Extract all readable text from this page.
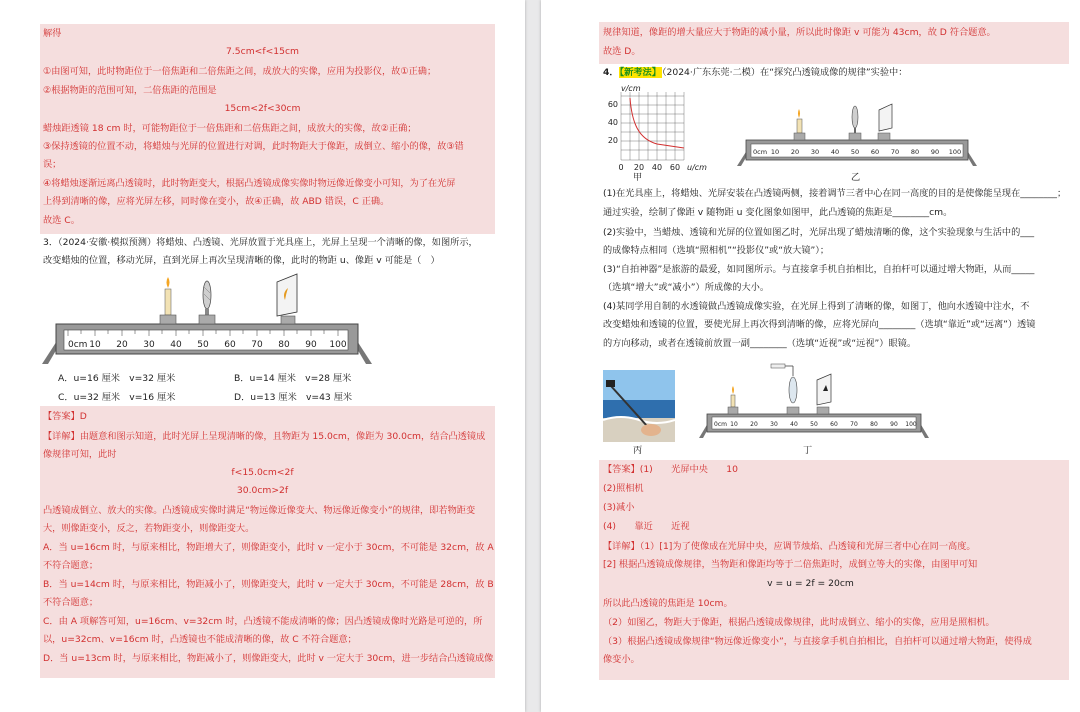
解得
7.5cm<f<15cm
①由图可知，此时物距位于一倍焦距和二倍焦距之间，成放大的实像，应用为投影仪，故①正确；
②根据物距的范围可知，二倍焦距的范围是
15cm<2f<30cm
蜡烛距透镜 18 cm 时，可能物距位于一倍焦距和二倍焦距之间，成放大的实像，故②正确；
③保持透镜的位置不动，将蜡烛与光屏的位置进行对调，此时物距大于像距，成倒立、缩小的像，故③错
误；
④将蜡烛逐渐远离凸透镜时，此时物距变大，根据凸透镜成像实像时物远像近像变小可知，为了在光屏
上得到清晰的像，应将光屏左移，同时像在变小，故④正确，故 ABD 错误，C 正确。
故选 C。
3．（2024·安徽·模拟预测）将蜡烛、凸透镜、光屏放置于光具座上，光屏上呈现一个清晰的像，如图所示，
改变蜡烛的位置，移动光屏，直到光屏上再次呈现清晰的像，此时的物距 u、像距 v 可能是（　）
0cm 10 20 30 40 50 60 70 80 90 100
A．u=16 厘米　v=32 厘米	B．u=14 厘米　v=28 厘米
C．u=32 厘米　v=16 厘米	D．u=13 厘米　v=43 厘米
【答案】D
【详解】由题意和图示知道，此时光屏上呈现清晰的像，且物距为 15.0cm，像距为 30.0cm，结合凸透镜成
像规律可知，此时
f<15.0cm<2f
30.0cm>2f
凸透镜成倒立、放大的实像。凸透镜成实像时满足“物远像近像变大、物远像近像变小”的规律，即若物距变
大，则像距变小，反之，若物距变小，则像距变大。
A．当 u=16cm 时，与原来相比，物距增大了，则像距变小，此时 v 一定小于 30cm，不可能是 32cm，故 A
不符合题意；
B．当 u=14cm 时，与原来相比，物距减小了，则像距变大，此时 v 一定大于 30cm，不可能是 28cm，故 B
不符合题意；
C．由 A 项解答可知，u=16cm、v=32cm 时，凸透镜不能成清晰的像；因凸透镜成像时光路是可逆的，所
以，u=32cm、v=16cm 时，凸透镜也不能成清晰的像，故 C 不符合题意；
D．当 u=13cm 时，与原来相比，物距减小了，则像距变大，此时 v 一定大于 30cm，进一步结合凸透镜成像
规律知道，像距的增大量应大于物距的减小量，所以此时像距 v 可能为 43cm，故 D 符合题意。
故选 D。
4．【新考法】（2024·广东东莞·二模）在“探究凸透镜成像的规律”实验中：
v/cm
60
40
20
0 20 40 60 u/cm
甲
0cm 10 20 30 40 50 60 70 80 90 100
乙
(1)在光具座上，将蜡烛、光屏安装在凸透镜两侧，接着调节三者中心在同一高度的目的是使像能呈现在________；
通过实验，绘制了像距 v 随物距 u 变化图象如图甲，此凸透镜的焦距是________cm。
(2)实验中，当蜡烛、透镜和光屏的位置如图乙时，光屏出现了蜡烛清晰的像，这个实验现象与生活中的___
的成像特点相同（选填“照相机”“投影仪”或“放大镜”）；
(3)“自拍神器”是旅游的最爱，如同图所示。与直接拿手机自拍相比，自拍杆可以通过增大物距，从而_____
（选填“增大”或“减小”）所成像的大小。
(4)某同学用自制的水透镜做凸透镜成像实验，在光屏上得到了清晰的像，如图丁，他向水透镜中注水，不
改变蜡烛和透镜的位置，要使光屏上再次得到清晰的像，应将光屏向________（选填“靠近”或“远离”）透镜
的方向移动，或者在透镜前放置一副________（选填“近视”或“远视”）眼镜。
丙
0cm 10 20 30 40 50 60 70 80 90 100
丁
【答案】(1)　　光屏中央　　10
(2)照相机
(3)减小
(4)　　靠近　　近视
【详解】（1）[1]为了使像成在光屏中央，应调节烛焰、凸透镜和光屏三者中心在同一高度。
[2] 根据凸透镜成像规律，当物距和像距均等于二倍焦距时，成倒立等大的实像，由图甲可知
v = u = 2f = 20cm
所以此凸透镜的焦距是 10cm。
（2）如图乙，物距大于像距，根据凸透镜成像规律，此时成倒立、缩小的实像，应用是照相机。
（3）根据凸透镜成像规律“物远像近像变小”，与直接拿手机自拍相比，自拍杆可以通过增大物距，使得成
像变小。
